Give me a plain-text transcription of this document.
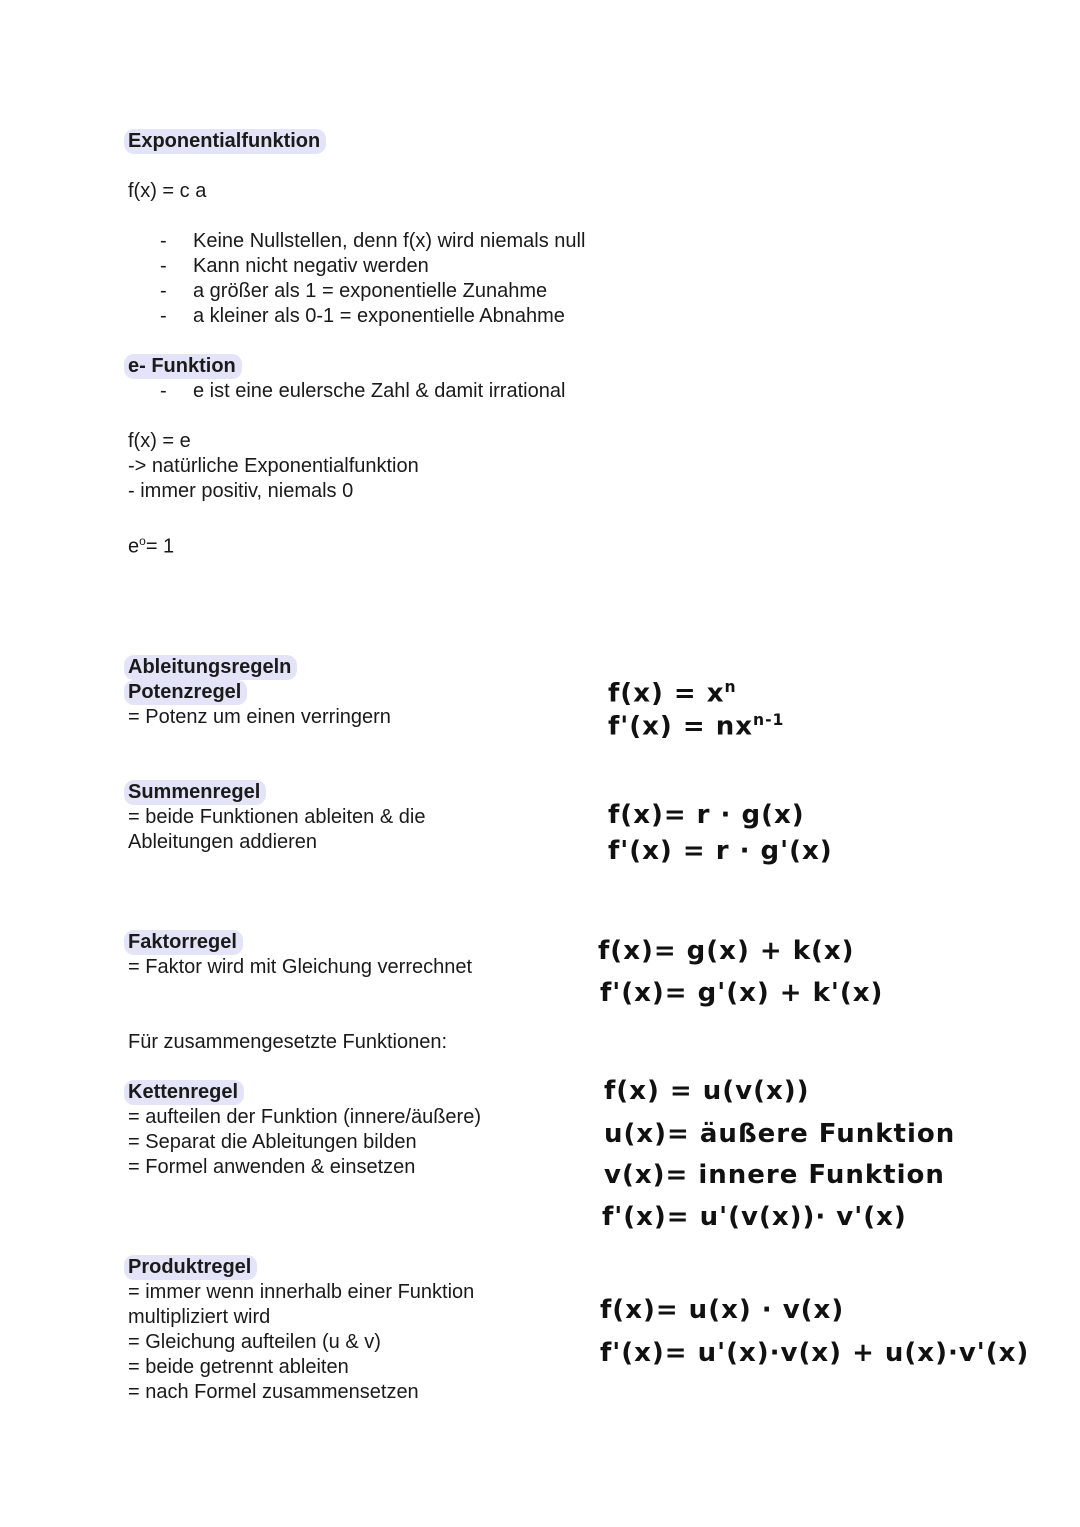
Exponentialfunktion
f(x) = c a
- Keine Nullstellen, denn f(x) wird niemals null
- Kann nicht negativ werden
- a größer als 1 = exponentielle Zunahme
- a kleiner als 0-1 = exponentielle Abnahme
e- Funktion
- e ist eine eulersche Zahl & damit irrational
f(x) = e
-> natürliche Exponentialfunktion
- immer positiv, niemals 0
$e^o= 1$
Ableitungsregeln
Potenzregel
= Potenz um einen verringern
$f(x) = x^n$
$f'(x) = nx^{n-1}$
Summenregel
= beide Funktionen ableiten & die
Ableitungen addieren
f(x)= r · g(x)
f'(x) = r · g'(x)
Faktorregel
= Faktor wird mit Gleichung verrechnet
f(x)= g(x) + k(x)
f'(x)= g'(x) + k'(x)
Für zusammengesetzte Funktionen:
Kettenregel
= aufteilen der Funktion (innere/äußere)
= Separat die Ableitungen bilden
= Formel anwenden & einsetzen
f(x) = u(v(x))
u(x)= äußere Funktion
v(x)= innere Funktion
f'(x)= u'(v(x))· v'(x)
Produktregel
= immer wenn innerhalb einer Funktion
multipliziert wird
= Gleichung aufteilen (u & v)
= beide getrennt ableiten
= nach Formel zusammensetzen
f(x)= u(x) · v(x)
f'(x)= u'(x)·v(x) + u(x)·v'(x)
